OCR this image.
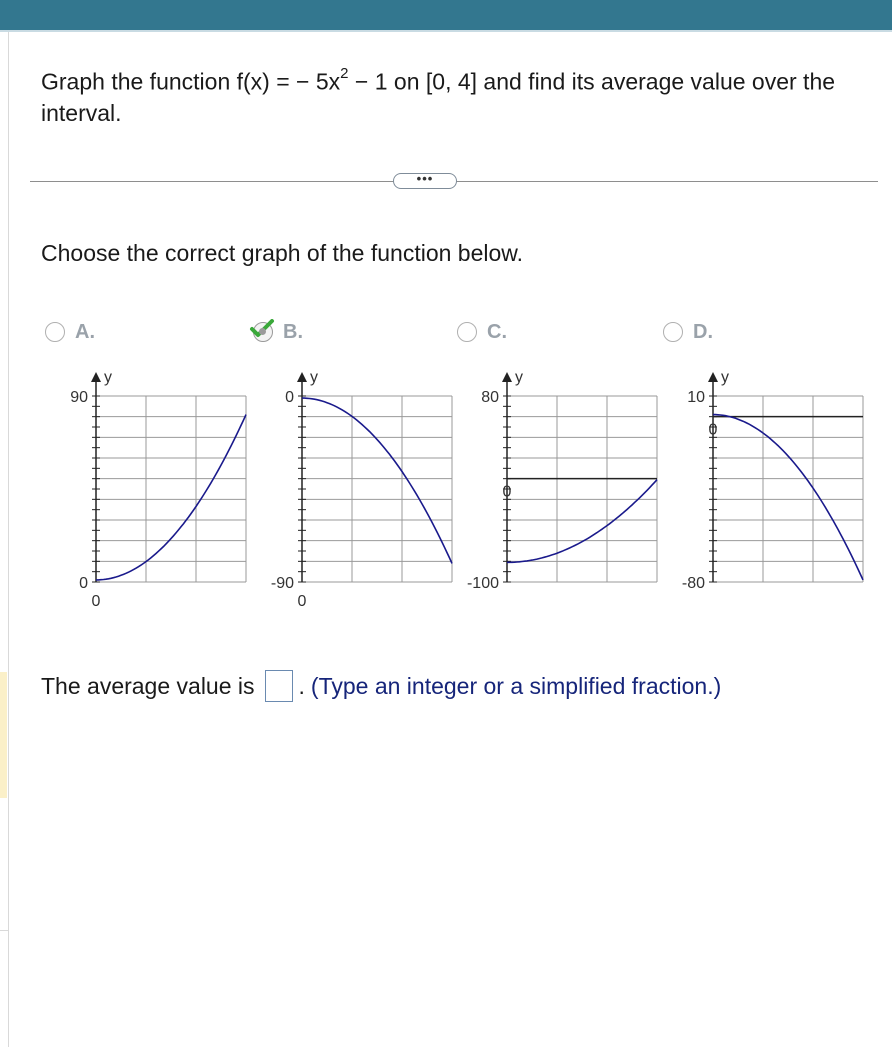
Graph the function f(x) = − $5x^2 - 1$ on [0, 4] and find its average value over the interval.
•••
Choose the correct graph of the function below.
A.	B.	C.	D.
y
90
0
0
y
0
-90
0
y
80
-100
0
y
10
-80
0
The average value is . (Type an integer or a simplified fraction.)
